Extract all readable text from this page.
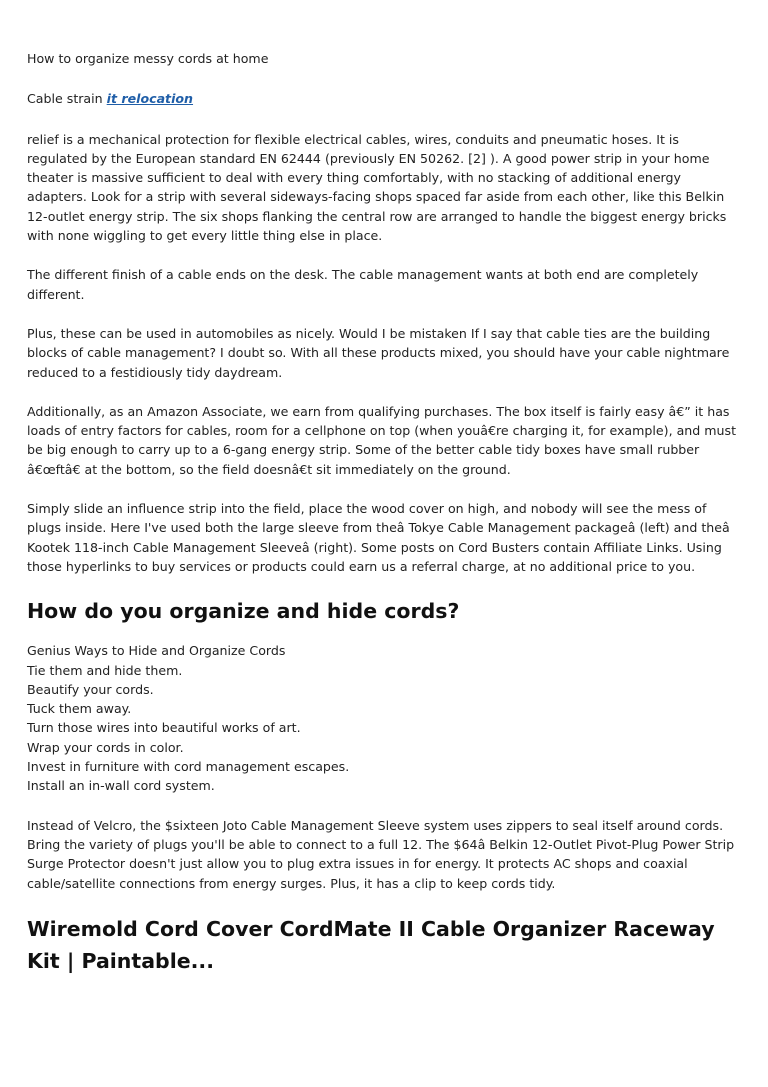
How to organize messy cords at home

Cable strain it relocation

relief is a mechanical protection for flexible electrical cables, wires, conduits and pneumatic hoses. It is regulated by the European standard EN 62444 (previously EN 50262. [2] ). A good power strip in your home theater is massive sufficient to deal with every thing comfortably, with no stacking of additional energy adapters. Look for a strip with several sideways-facing shops spaced far aside from each other, like this Belkin 12-outlet energy strip. The six shops flanking the central row are arranged to handle the biggest energy bricks with none wiggling to get every little thing else in place.

The different finish of a cable ends on the desk. The cable management wants at both end are completely different.

Plus, these can be used in automobiles as nicely. Would I be mistaken If I say that cable ties are the building blocks of cable management? I doubt so. With all these products mixed, you should have your cable nightmare reduced to a festidiously tidy daydream.

Additionally, as an Amazon Associate, we earn from qualifying purchases. The box itself is fairly easy â€” it has loads of entry factors for cables, room for a cellphone on top (when youâ€re charging it, for example), and must be big enough to carry up to a 6-gang energy strip. Some of the better cable tidy boxes have small rubber â€œftâ€ at the bottom, so the field doesnâ€t sit immediately on the ground.

Simply slide an influence strip into the field, place the wood cover on high, and nobody will see the mess of plugs inside. Here I've used both the large sleeve from theâ Tokye Cable Management packageâ (left) and theâ Kootek 118-inch Cable Management Sleeveâ (right). Some posts on Cord Busters contain Affiliate Links. Using those hyperlinks to buy services or products could earn us a referral charge, at no additional price to you.

How do you organize and hide cords?
Genius Ways to Hide and Organize Cords
Tie them and hide them.
Beautify your cords.
Tuck them away.
Turn those wires into beautiful works of art.
Wrap your cords in color.
Invest in furniture with cord management escapes.
Install an in-wall cord system.

Instead of Velcro, the $sixteen Joto Cable Management Sleeve system uses zippers to seal itself around cords. Bring the variety of plugs you'll be able to connect to a full 12. The $64â Belkin 12-Outlet Pivot-Plug Power Strip Surge Protector doesn't just allow you to plug extra issues in for energy. It protects AC shops and coaxial cable/satellite connections from energy surges. Plus, it has a clip to keep cords tidy.

Wiremold Cord Cover CordMate II Cable Organizer Raceway Kit | Paintable...
